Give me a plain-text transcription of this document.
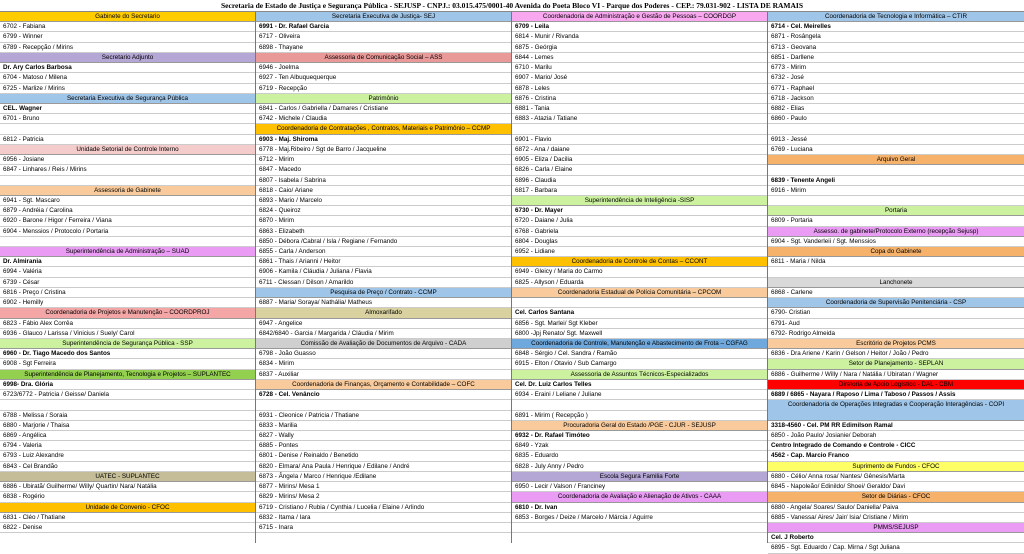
Secretaria de Estado de Justiça e Segurança Pública - SEJUSP - CNPJ.: 03.015.475/0001-40 Avenida do Poeta Bloco VI - Parque dos Poderes - CEP.: 79.031-902 - LISTA DE RAMAIS
Gabinete do Secretario
6702 - Fabiana
6799 - Winner
6789 - Recepção / Mirins
Secretario Adjunto
Dr. Ary Carlos Barbosa
6704 - Matoso / Milena
6725 - Marlize / Mirins
Secretaria Executiva de Segurança Pública
CEL. Wagner
6701 - Bruno
6812 - Patricia
Unidade Setorial de Controle Interno
6956 - Josiane
6847 - Linhares / Reis / Mirins
Assessoria de Gabinete
6941 - Sgt. Mascaro
6879 - Andréia / Carolina
6920 - Barone / Higor / Ferreira / Viana
6904 - Menssios / Protocolo / Portaria
Superintendência de Administração – SUAD
Dr. Almirania
6994 - Valéria
6739 - César
6816 - Preço / Cristina
6902 - Hemilly
Coordenadoria de Projetos e Manutenção – COORDPROJ
6823 - Fábio Alex Corrêa
6936 - Glauco / Larissa / Vinicius / Suely/ Carol
Superintendência de Segurança Pública - SSP
6960 - Dr. Tiago Macedo dos Santos
6908 - Sgt Ferreira
Superintendência de Planejamento, Tecnologia e Projetos – SUPLANTEC
6998- Dra. Glória
6723/6772 - Patricia / Geisse/ Daniela
6788 - Melissa / Soraia
6880 - Marjorie / Thaisa
6869 - Angélica
6794 - Valeria
6793 - Luiz Alexandre
6843 - Cel Brandão
UATEC - SUPLANTEC
6886 - Ubiratã/ Guilherme/ Willy/ Quartin/ Nara/ Natália
6838 - Rogério
Unidade de Convenio - CFOC
6831 - Cléo / Thatiane
6822 - Denise
Secretaria Executiva de Justiça- SEJ
6991 - Dr. Rafael Garcia
6717 - Oliveira
6898 - Thayane
Assessoria de Comunicação Social – ASS
6946 - Joelma
6927 - Ten Albuquequerque
6719 - Recepção
Patrimônio
6841 - Carlos / Gabriella / Damares / Cristiane
6742 - Michele / Claudia
Coordenadoria de Contratações , Contratos, Materiais e Patrimônio – CCMP
6903 - Maj. Shiroma
6778 - Maj.Ribeiro / Sgt de Barro / Jacqueline
6712 - Mirim
6847 - Macedo
6807 - Isabela / Sabrina
6818 - Caio/ Ariane
6893 - Mario / Marcelo
6824 - Queiroz
6870 - Mirim
6863 - Elizabeth
6850 - Débora /Cabral / Isla / Regiane / Fernando
6855 - Carla / Anderson
6861 - Thais / Arianni / Heitor
6906 - Kamila / Cláudia / Juliana / Flavia
6711 - Clessan / Dilson / Amarildo
Pesquisa de Preço / Contrato - CCMP
6887 - Maria/ Soraya/ Nathália/ Matheus
Almoxarifado
6947 - Angelice
6842/6840 - Garcia / Margarida / Cláudia / Mirim
Comissão de Avaliação de Documentos de Arquivo - CADA
6798 - João Guasso
6834 - Mirim
6837 - Auxiliar
Coordenadoria de Finanças, Orçamento e Contabilidade – COFC
6728 - Cel. Venâncio
6931 - Cleonice / Patricia / Thatiane
6833 - Marilia
6827 - Wally
6885 - Pontes
6801 - Denise / Reinaldo / Benetido
6820 - Elmara/ Ana Paula / Henrique / Edilane / André
6873 - Ângela / Marco / Henrique /Edilane
6877 - Mirins/ Mesa 1
6829 - Mirins/ Mesa 2
6719 - Cristiano / Rubia / Cynthia / Lucelia / Elaine / Arlindo
6832 - Itama / Iara
6715 - Inara
Coordenadoria de Administração e Gestão de Pessoas – COORDGP
6709 - Leila
6814 - Munir / Rivanda
6875 - Geórgia
6844 - Lemes
6710 - Marilu
6907 - Mario/ José
6878 - Leles
6876 - Cristina
6881 - Tania
6883 - Atazia / Tatiane
6901 - Flavio
6872 - Ana / daiane
6905 - Eliza / Dacilia
6826 - Carla / Elaine
6896 - Claudia
6817 - Barbara
Superintendência de Inteligência -SISP
6730 - Dr. Mayer
6720 - Daiane / Julia
6768 - Gabriela
6804 - Douglas
6952 - Lidiane
Coordenadoria de Controle de Contas – CCONT
6949 - Gleicy / Maria do Carmo
6825 - Allyson / Eduarda
Coordenadoria Estadual de Polícia Comunitária – CPCOM
Cel. Carlos Santana
6856 - Sgt. Marlei/ Sgt Kleber
6800 -Jpj Renato/ Sgt. Maxwell
Coordenadoria de Controle, Manutenção e Abastecimento de Frota – CGFAG
6848 - Sérgio / Cel. Sandra / Ramão
6915 - Elton / Otavio / Sub Camargo
Assessoria de Assuntos Técnicos-Especializados
Cel. Dr. Luiz Carlos Telles
6934 - Eraini / Leliane / Juliane
6891 - Mirim ( Recepção )
Procuradoria Geral do Estado /PGE - CJUR - SEJUSP
6932 - Dr. Rafael Timóteo
6849 - Yzak
6835 - Eduardo
6828 - July Anny / Pedro
Escola Segura Familia Forte
6950 - Lecir / Valson / Franciney
Coordenadoria de Avaliação e Alienação de Ativos - CAAA
6810 - Dr. Ivan
6853 - Borges / Deize / Marcelo / Márcia / Aguirre
Coordenadoria de Tecnologia e Informática – CTIR
6714 - Cel. Meirelles
6871 - Rosângela
6713 - Geovana
6851 - Darllene
6773 - Mirim
6732 - José
6771 - Raphael
6718 - Jackson
6882 - Elias
6860 - Paulo
6913 - Jessé
6769 - Luciana
Arquivo Geral
6839 - Tenente Angeli
6916 - Mirim
Portaria
6809 - Portaria
Assesso. de gabinete/Protocolo Externo (recepção Sejusp)
6904 - Sgt. Vanderleii / Sgt. Menssios
Copa do Gabinete
6811 - Maria / Nilda
Lanchonete
6868 - Carlene
Coordenadoria de Supervisão Penitenciária - CSP
6790- Cristian
6791- Aud
6792- Rodrigo Almeida
Escritório de Projetos PCMS
6836 - Dra Ariene / Karin / Gelson / Heitor / João / Pedro
Setor de Planejamento - SEPLAN
6886 - Guilherme / Willy / Nara / Natália / Ubiratan / Wagner
Diretoria de Apoio Logístico - DAL - CBM
6889 / 6865 - Nayara / Raposo / Lima / Taboso / Passos / Assis
Coordenadoria de Operações Integradas e Cooperação Interagências - COPI
3318-4560 - Cel. PM RR Edimilson Ramal
6850 - João Paulo/ Josianie/ Deborah
Centro Integrado de Comando e Controle - CICC
4562 - Cap. Marcio Franco
Suprimento de Fundos - CFOC
6880 - Célio/ Anna rosa/ Nantes/ Gênesis/Marta
6845 - Napoleão/ Edinildo/ Shoei/ Geraldo/ Davi
Setor de Diárias - CFOC
6880 - Angela/ Soares/ Saulo/ Daniella/ Paiva
6885 - Vanessa/ Aires/ Jair/ Isia/ Cristiane / Mirim
PMMS/SEJUSP
Cel. J Roberto
6895 - Sgt. Eduardo / Cap. Mirna / Sgt Juliana
